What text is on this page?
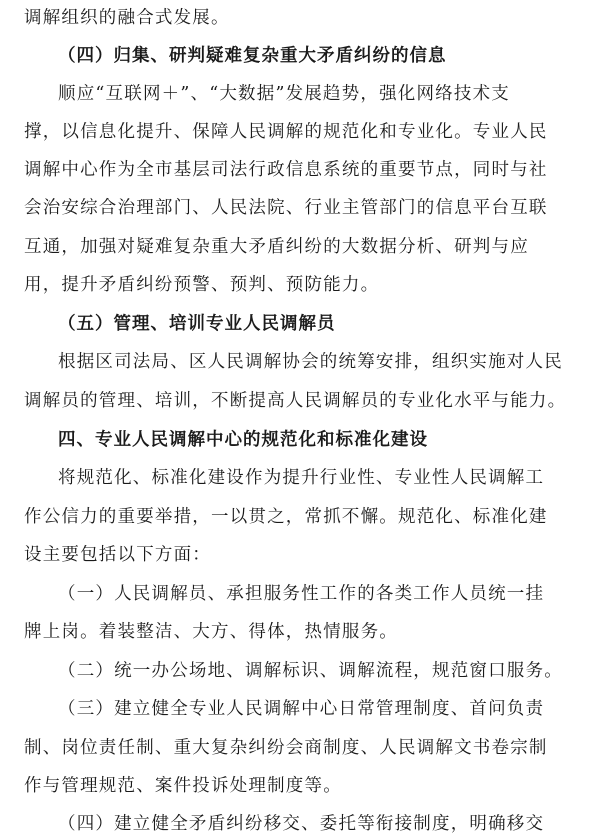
调解组织的融合式发展。
（四）归集、研判疑难复杂重大矛盾纠纷的信息
顺应“互联网＋”、“大数据”发展趋势，强化网络技术支
撑，以信息化提升、保障人民调解的规范化和专业化。专业人民
调解中心作为全市基层司法行政信息系统的重要节点，同时与社
会治安综合治理部门、人民法院、行业主管部门的信息平台互联
互通，加强对疑难复杂重大矛盾纠纷的大数据分析、研判与应
用，提升矛盾纠纷预警、预判、预防能力。
（五）管理、培训专业人民调解员
根据区司法局、区人民调解协会的统筹安排，组织实施对人民
调解员的管理、培训，不断提高人民调解员的专业化水平与能力。
四、专业人民调解中心的规范化和标准化建设
将规范化、标准化建设作为提升行业性、专业性人民调解工
作公信力的重要举措，一以贯之，常抓不懈。规范化、标准化建
设主要包括以下方面：
（一）人民调解员、承担服务性工作的各类工作人员统一挂
牌上岗。着装整洁、大方、得体，热情服务。
（二）统一办公场地、调解标识、调解流程，规范窗口服务。
（三）建立健全专业人民调解中心日常管理制度、首问负责
制、岗位责任制、重大复杂纠纷会商制度、人民调解文书卷宗制
作与管理规范、案件投诉处理制度等。
（四）建立健全矛盾纠纷移交、委托等衔接制度，明确移交
